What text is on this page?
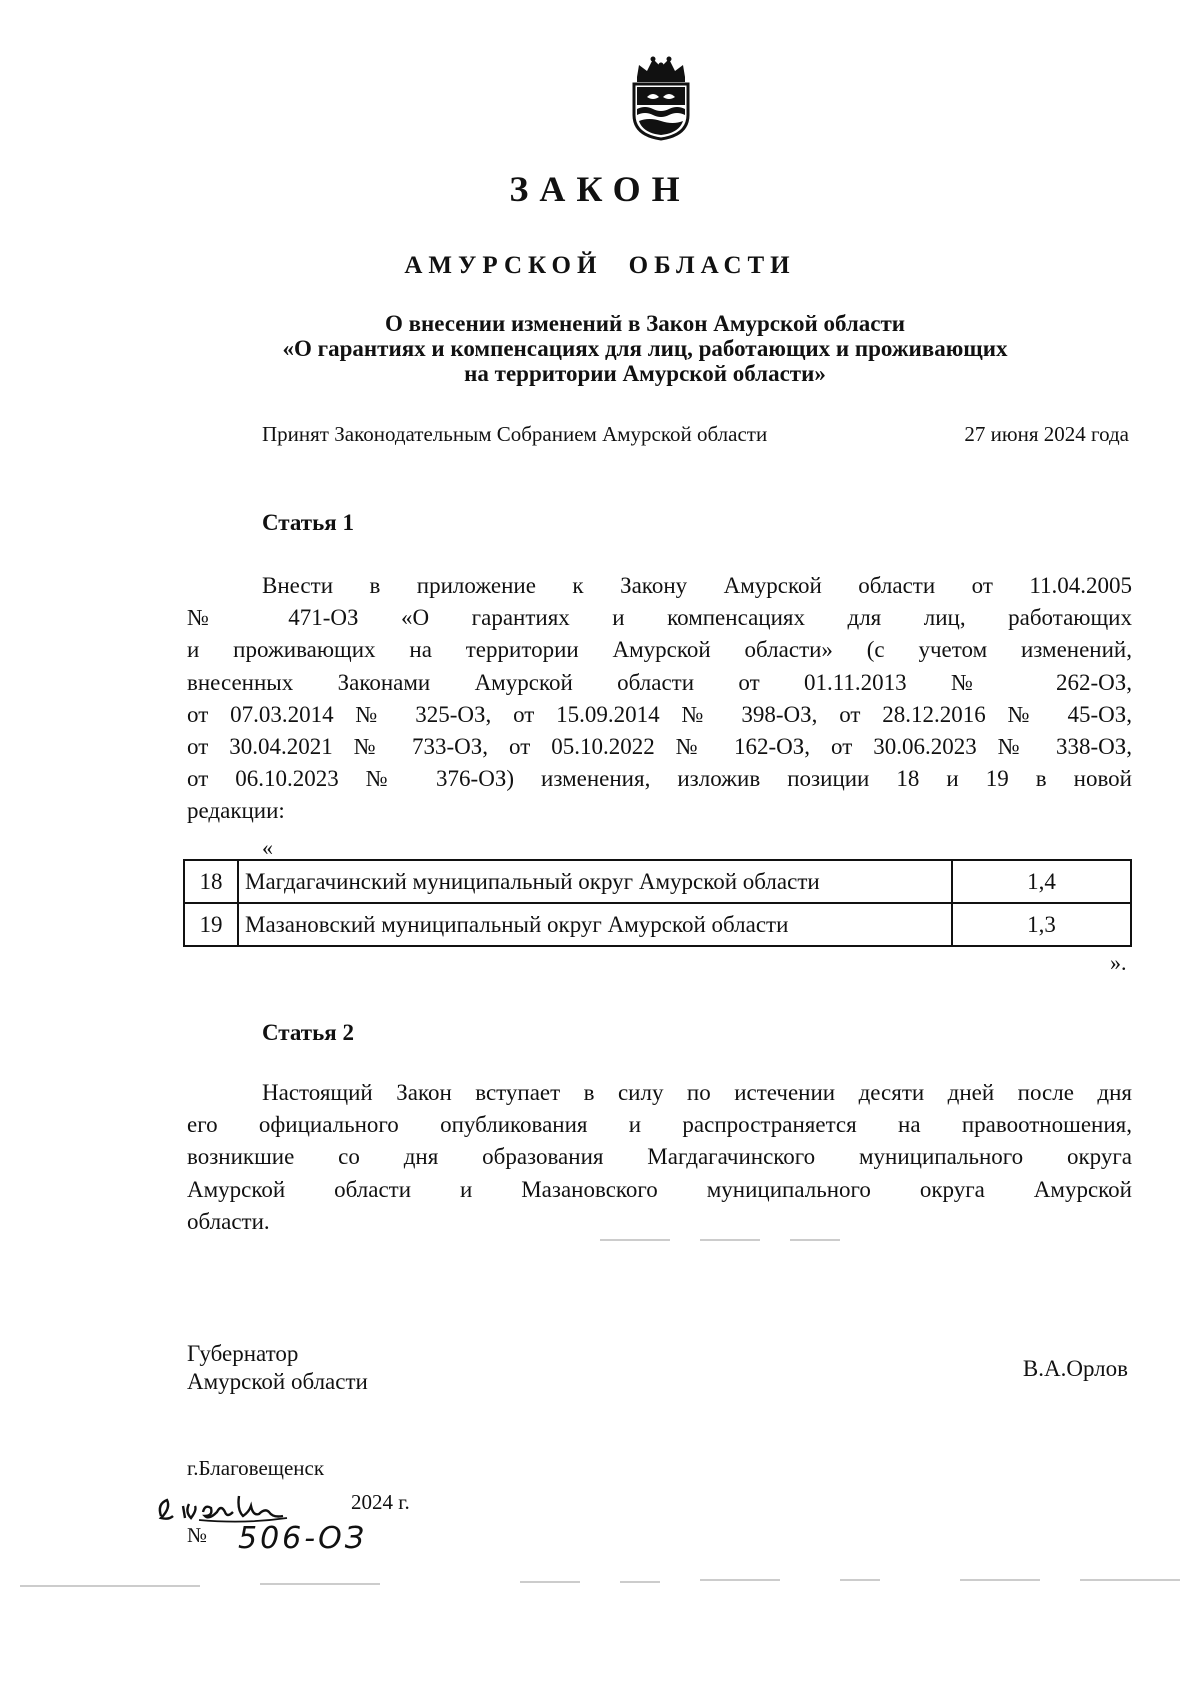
ЗАКОН
АМУРСКОЙ ОБЛАСТИ
О внесении изменений в Закон Амурской области
«О гарантиях и компенсациях для лиц, работающих и проживающих
на территории Амурской области»
Принят Законодательным Собранием Амурской области	27 июня 2024 года
Статья 1
Внести в приложение к Закону Амурской области от 11.04.2005
№ 471-ОЗ «О гарантиях и компенсациях для лиц, работающих
и проживающих на территории Амурской области» (с учетом изменений,
внесенных Законами Амурской области от 01.11.2013 № 262-ОЗ,
от 07.03.2014 № 325-ОЗ, от 15.09.2014 № 398-ОЗ, от 28.12.2016 № 45-ОЗ,
от 30.04.2021 № 733-ОЗ, от 05.10.2022 № 162-ОЗ, от 30.06.2023 № 338-ОЗ,
от 06.10.2023 № 376-ОЗ) изменения, изложив позиции 18 и 19 в новой
редакции:
«
18	Магдагачинский муниципальный округ Амурской области	1,4
19	Мазановский муниципальный округ Амурской области	1,3
».
Статья 2
Настоящий Закон вступает в силу по истечении десяти дней после дня
его официального опубликования и распространяется на правоотношения,
возникшие со дня образования Магдагачинского муниципального округа
Амурской области и Мазановского муниципального округа Амурской
области.
Губернатор
Амурской области
В.А.Орлов
г.Благовещенск
2024 г.
№ 506-ОЗ
